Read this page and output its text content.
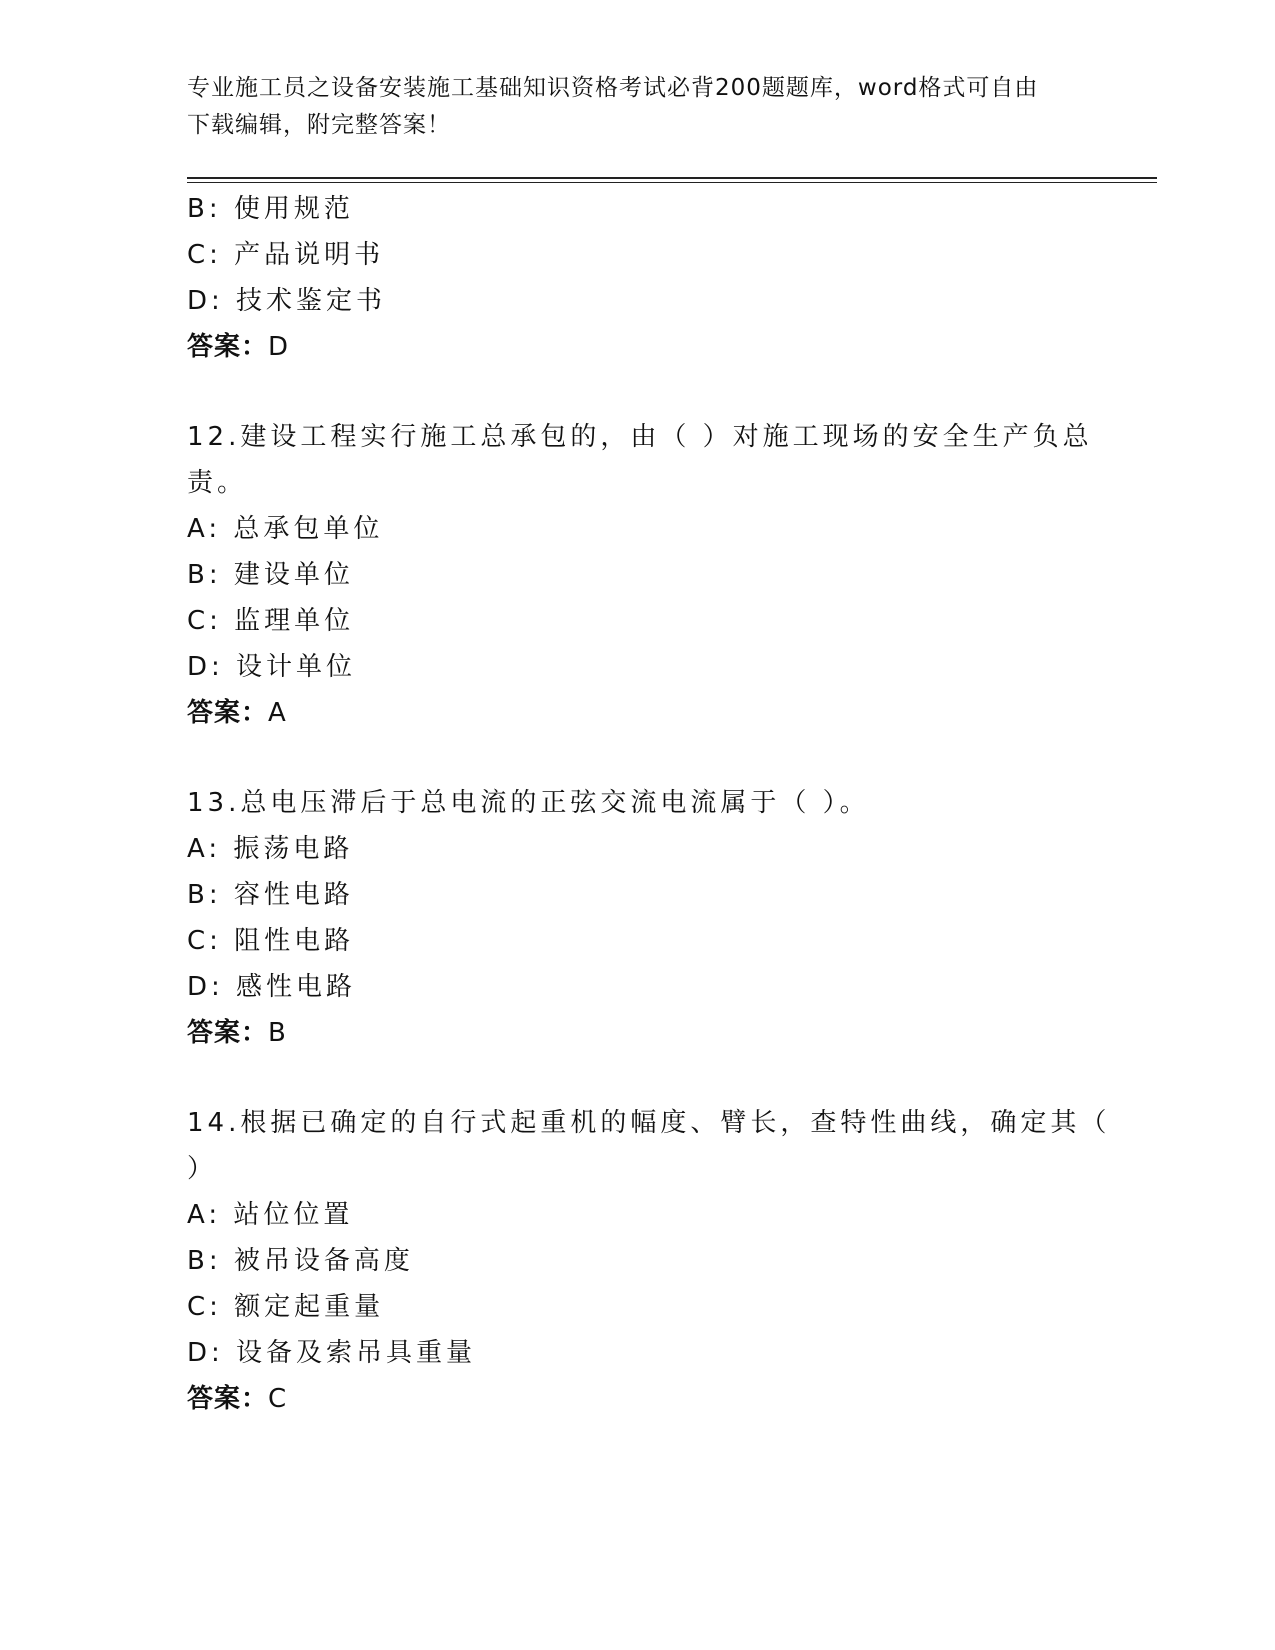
专业施工员之设备安装施工基础知识资格考试必背200题题库，word格式可自由
下载编辑，附完整答案！
B: 使用规范
C: 产品说明书
D: 技术鉴定书
答案：D
12.建设工程实行施工总承包的，由（ ）对施工现场的安全生产负总
责。
A: 总承包单位
B: 建设单位
C: 监理单位
D: 设计单位
答案：A
13.总电压滞后于总电流的正弦交流电流属于（ ）。
A: 振荡电路
B: 容性电路
C: 阻性电路
D: 感性电路
答案：B
14.根据已确定的自行式起重机的幅度、臂长，查特性曲线，确定其（
）
A: 站位位置
B: 被吊设备高度
C: 额定起重量
D: 设备及索吊具重量
答案：C
